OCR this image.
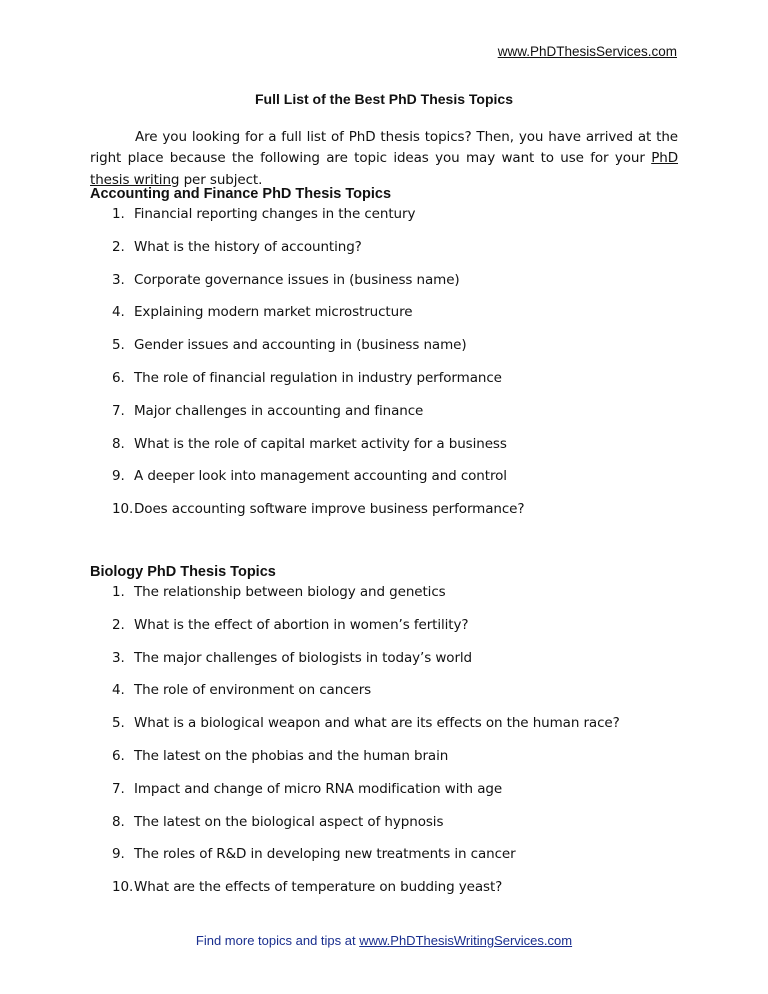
www.PhDThesisServices.com
Full List of the Best PhD Thesis Topics

Are you looking for a full list of PhD thesis topics? Then, you have arrived at the right place because the following are topic ideas you may want to use for your PhD thesis writing per subject.

Accounting and Finance PhD Thesis Topics
1. Financial reporting changes in the century
2. What is the history of accounting?
3. Corporate governance issues in (business name)
4. Explaining modern market microstructure
5. Gender issues and accounting in (business name)
6. The role of financial regulation in industry performance
7. Major challenges in accounting and finance
8. What is the role of capital market activity for a business
9. A deeper look into management accounting and control
10.Does accounting software improve business performance?
Biology PhD Thesis Topics
1. The relationship between biology and genetics
2. What is the effect of abortion in women’s fertility?
3. The major challenges of biologists in today’s world
4. The role of environment on cancers
5. What is a biological weapon and what are its effects on the human race?
6. The latest on the phobias and the human brain
7. Impact and change of micro RNA modification with age
8. The latest on the biological aspect of hypnosis
9. The roles of R&D in developing new treatments in cancer
10.What are the effects of temperature on budding yeast?
Find more topics and tips at www.PhDThesisWritingServices.com
